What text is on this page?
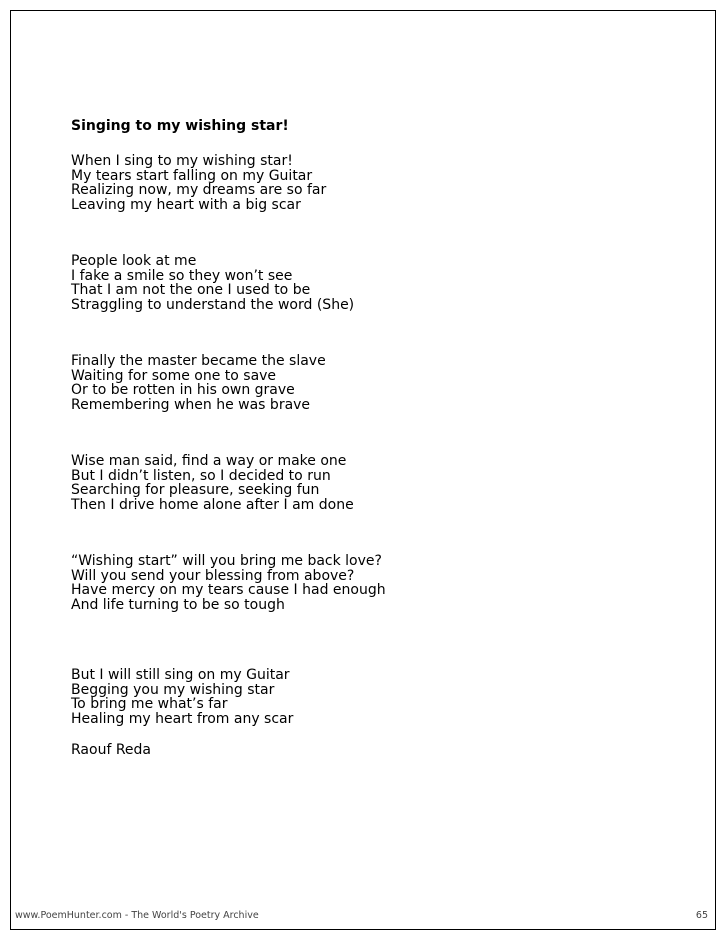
Singing to my wishing star!
When I sing to my wishing star!
My tears start falling on my Guitar
Realizing now, my dreams are so far
Leaving my heart with a big scar
People look at me
I fake a smile so they won’t see
That I am not the one I used to be
Straggling to understand the word (She)
Finally the master became the slave
Waiting for some one to save
Or to be rotten in his own grave
Remembering when he was brave
Wise man said, find a way or make one
But I didn’t listen, so I decided to run
Searching for pleasure, seeking fun
Then I drive home alone after I am done
“Wishing start” will you bring me back love?
Will you send your blessing from above?
Have mercy on my tears cause I had enough
And life turning to be so tough
But I will still sing on my Guitar
Begging you my wishing star
To bring me what’s far
Healing my heart from any scar
Raouf Reda
www.PoemHunter.com - The World's Poetry Archive	65
